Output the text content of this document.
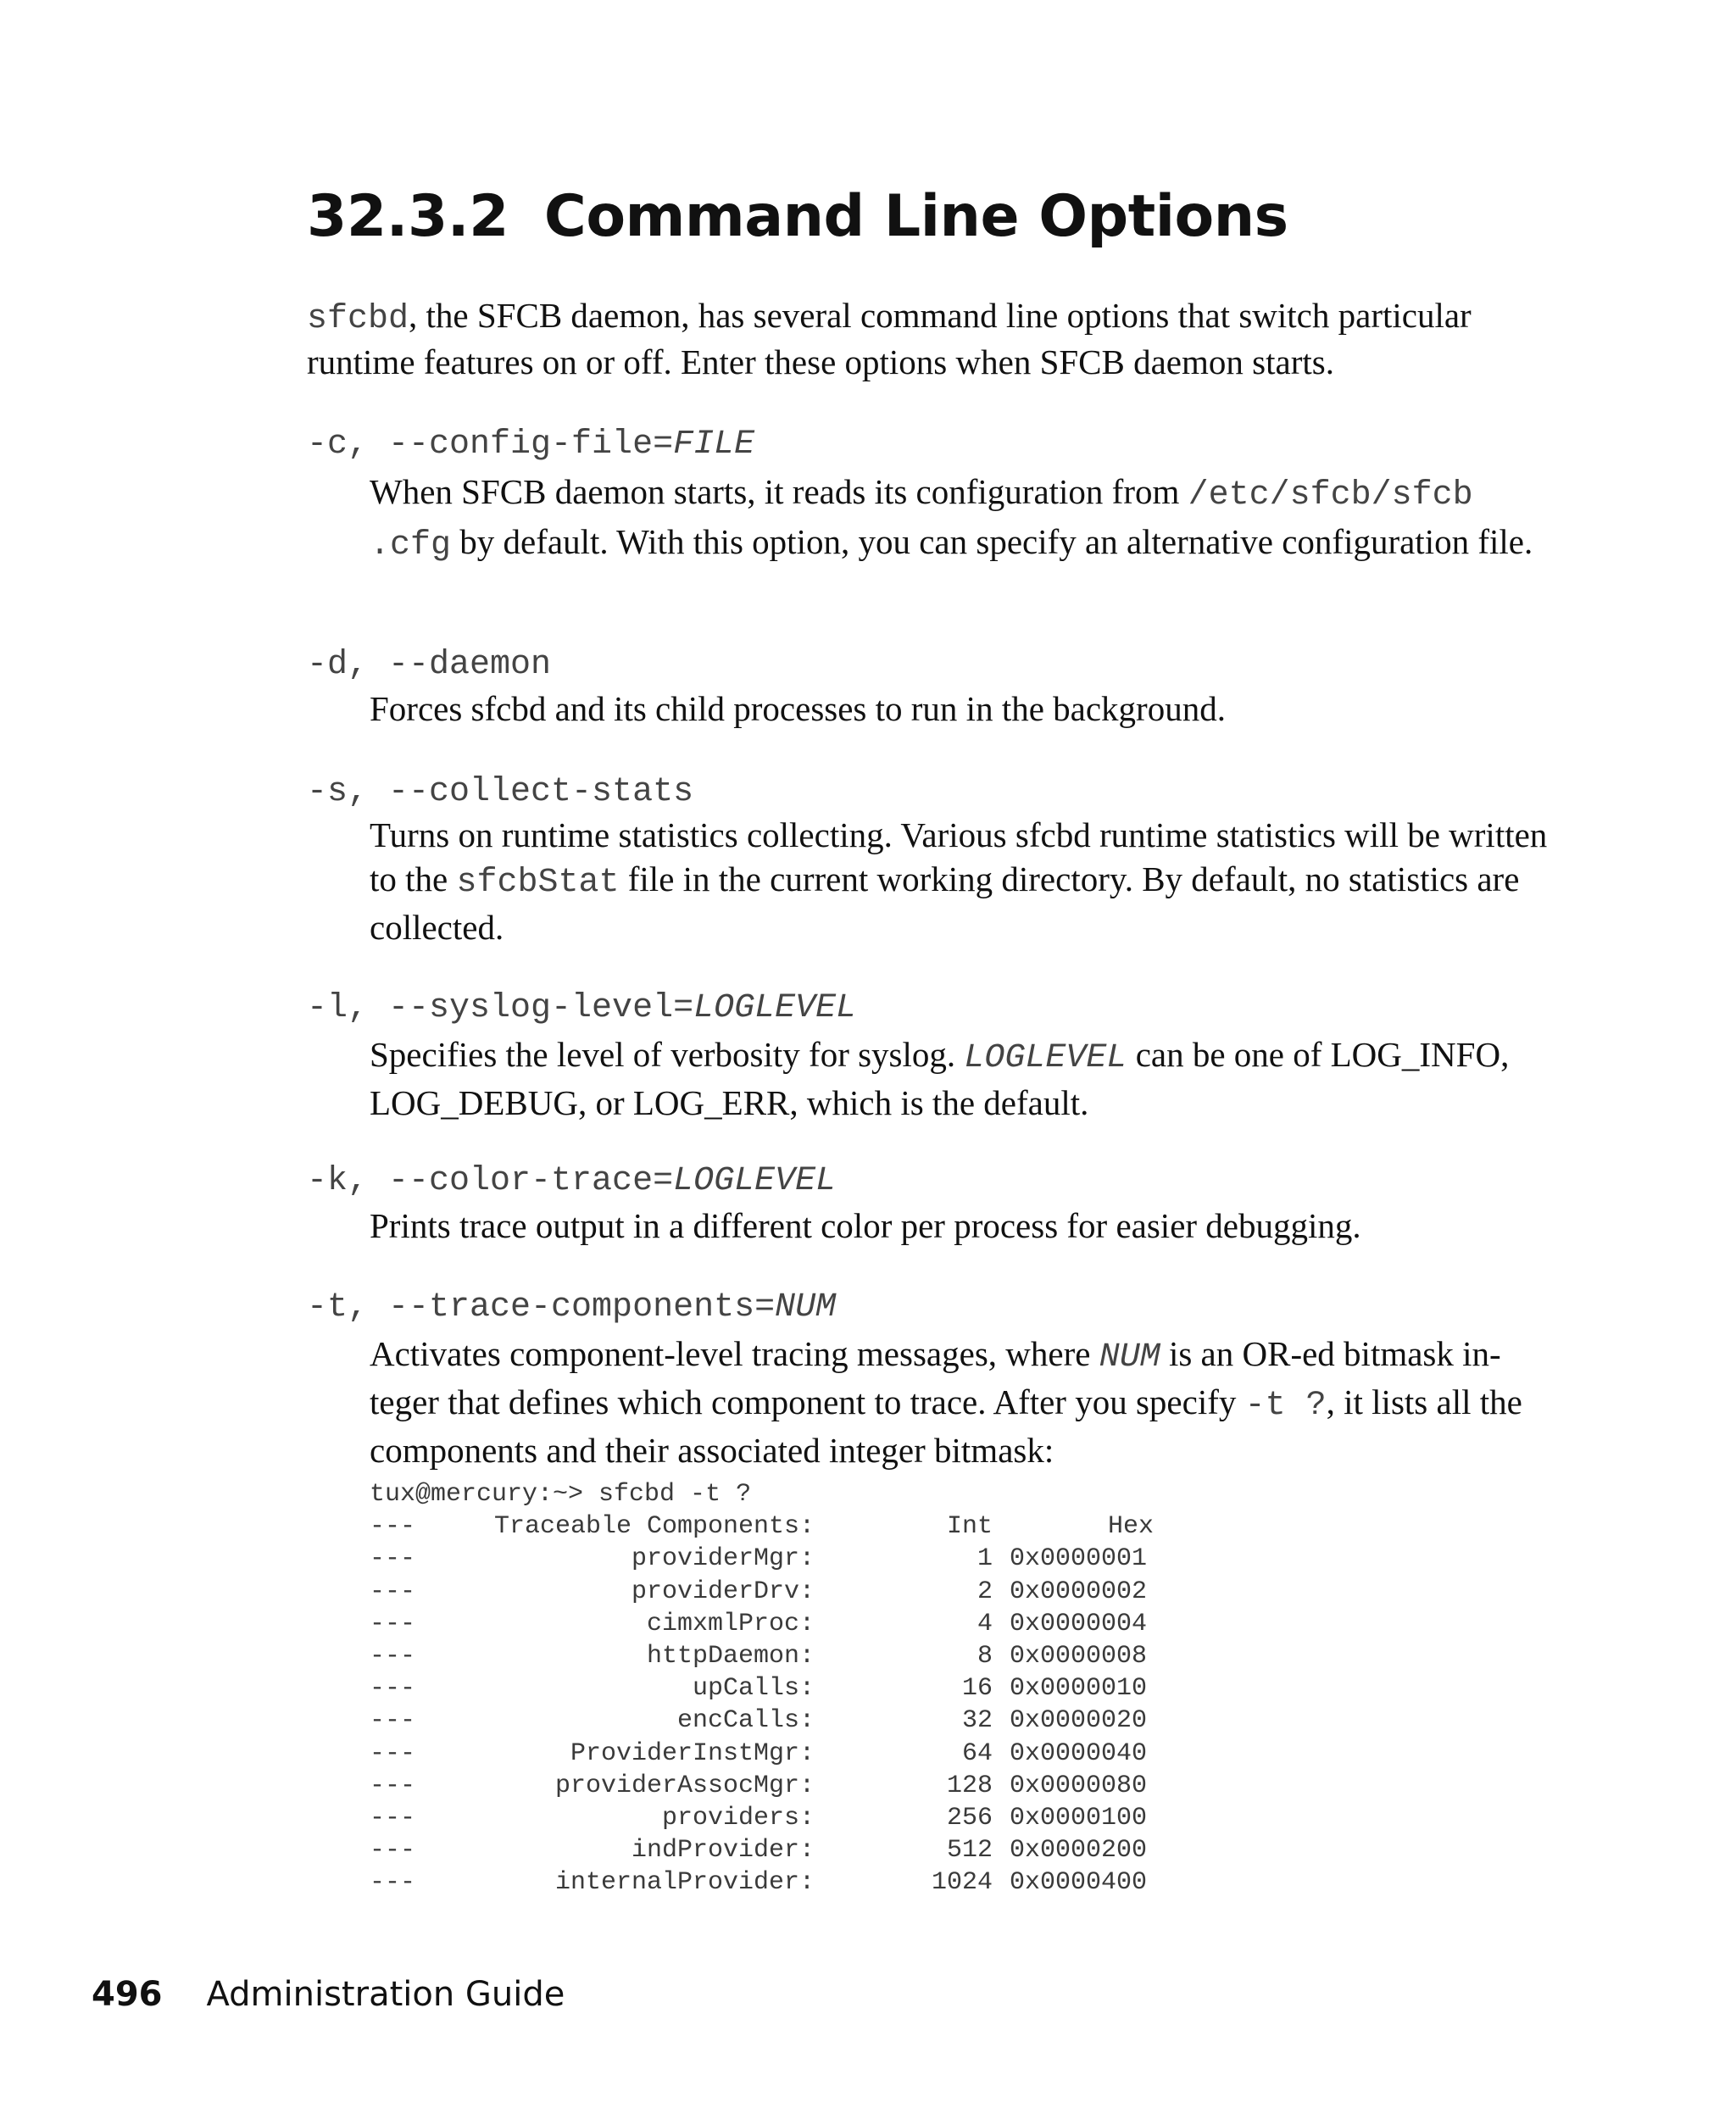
32.3.2 Command Line Options

sfcbd, the SFCB daemon, has several command line options that switch particular runtime features on or off. Enter these options when SFCB daemon starts.

-c, --config-file=FILE

When SFCB daemon starts, it reads its configuration from /etc/sfcb/sfcb .cfg by default. With this option, you can specify an alternative configuration file.

-d, --daemon

Forces sfcbd and its child processes to run in the background.

-s, --collect-stats

Turns on runtime statistics collecting. Various sfcbd runtime statistics will be written to the sfcbStat file in the current working directory. By default, no statistics are collected.

-l, --syslog-level=LOGLEVEL

Specifies the level of verbosity for syslog. LOGLEVEL can be one of LOG_INFO, LOG_DEBUG, or LOG_ERR, which is the default.

-k, --color-trace=LOGLEVEL

Prints trace output in a different color per process for easier debugging.

-t, --trace-components=NUM

Activates component-level tracing messages, where NUM is an OR-ed bitmask integer that defines which component to trace. After you specify -t ?, it lists all the components and their associated integer bitmask:

tux@mercury:~> sfcbd -t ?
---	Traceable Components:	Int	Hex
---	providerMgr:	1 0x0000001
---	providerDrv:	2 0x0000002
---	cimxmlProc:	4 0x0000004
---	httpDaemon:	8 0x0000008
---	upCalls:	16 0x0000010
---	encCalls:	32 0x0000020
---	ProviderInstMgr:	64 0x0000040
---	providerAssocMgr:	128 0x0000080
---	providers:	256 0x0000100
---	indProvider:	512 0x0000200
---	internalProvider:	1024 0x0000400
496 Administration Guide
